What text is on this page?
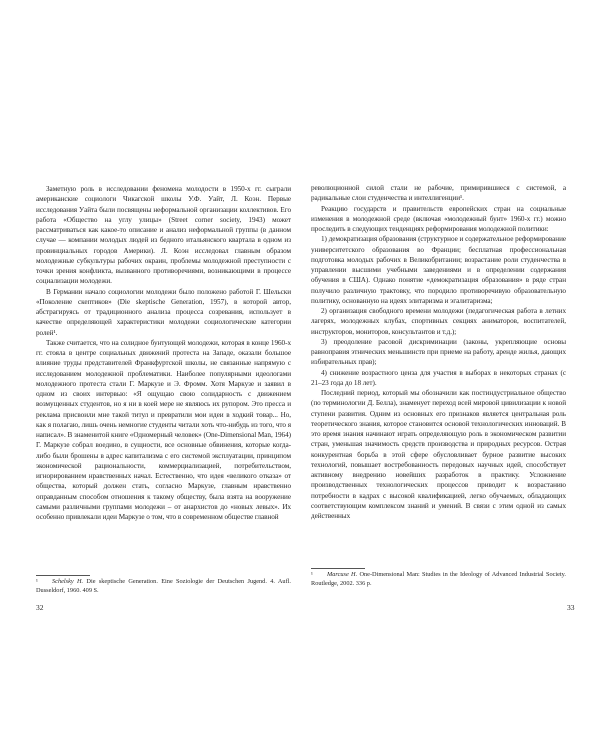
Заметную роль в исследовании феномена молодости в 1950-х гг. сыграли американские социологи Чикагской школы У.Ф. Уайт, Л. Коэн. Первые исследования Уайта были посвящены неформальной организации коллективов. Его работа «Общество на углу улицы» (Street corner society, 1943) может рассматриваться как какое-то описание и анализ неформальной группы (в данном случае — компании молодых людей из бедного итальянского квартала в одном из провинциальных городов Америки). Л. Коэн исследовал главным образом молодежные субкультуры рабочих окраин, проблемы молодежной преступности с точки зрения конфликта, вызванного противоречиями, возникающими в процессе социализации молодежи.

В Германии начало социологии молодежи было положено работой Г. Шельски «Поколение скептиков» (Die skeptische Generation, 1957), в которой автор, абстрагируясь от традиционного анализа процесса созревания, использует в качестве определяющей характеристики молодежи социологические категории ролей¹.

Также считается, что на солидное бунтующей молодежи, которая в конце 1960-х гг. стояла в центре социальных движений протеста на Западе, оказали большое влияние труды представителей Франкфуртской школы, не связанные напрямую с исследованием молодежной проблематики. Наиболее популярными идеологами молодежного протеста стали Г. Маркузе и Э. Фромм. Хотя Маркузе и заявил в одном из своих интервью: «Я ощущаю свою солидарность с движением возмущенных студентов, но я ни в коей мере не являюсь их рупором. Это пресса и реклама присвоили мне такой титул и превратили мои идеи в ходкий товар... Но, как я полагаю, лишь очень немногие студенты читали хоть что-нибудь из того, что я написал». В знаменитой книге «Одномерный человек» (One-Dimensional Man, 1964) Г. Маркузе собрал воедино, в сущности, все основные обвинения, которые когда-либо были брошены в адрес капитализма с его системой эксплуатации, принципом экономической рациональности, коммерциализацией, потребительством, игнорированием нравственных начал. Естественно, что идея «великого отказа» от общества, который должен стать, согласно Маркузе, главным нравственно оправданным способом отношения к такому обществу, была взята на вооружение самыми различными группами молодежи – от анархистов до «новых левых». Их особенно привлекали идеи Маркузе о том, что в современном обществе главной

¹ Schelsky H. Die skeptische Generation. Eine Soziologie der Deutschen Jugend. 4. Aufl. Dusseldorf, 1960. 409 S.
32

революционной силой стали не рабочие, примирившиеся с системой, а радикальные слои студенчества и интеллигенции¹.

Реакцию государств и правительств европейских стран на социальные изменения в молодежной среде (включая «молодежный бунт» 1960-х гг.) можно проследить в следующих тенденциях реформирования молодежной политики:

1) демократизация образования (структурное и содержательное реформирование университетского образования во Франции; бесплатная профессиональная подготовка молодых рабочих в Великобритании; возрастание роли студенчества в управлении высшими учебными заведениями и в определении содержания обучения в США). Однако понятие «демократизация образования» в ряде стран получило различную трактовку, что породило противоречивую образовательную политику, основанную на идеях элитаризма и эгалитаризма;

2) организация свободного времени молодежи (педагогическая работа в летних лагерях, молодежных клубах, спортивных секциях аниматоров, воспитателей, инструкторов, мониторов, консультантов и т.д.);

3) преодоление расовой дискриминации (законы, укрепляющие основы равноправия этнических меньшинств при приеме на работу, аренде жилья, дающих избирательных прав);

4) снижение возрастного ценза для участия в выборах в некоторых странах (с 21–23 года до 18 лет).

Последний период, который мы обозначили как постиндустриальное общество (по терминологии Д. Белла), знаменует переход всей мировой цивилизации к новой ступени развития. Одним из основных его признаков является центральная роль теоретического знания, которое становится основой технологических инноваций. В это время знания начинают играть определяющую роль в экономическом развитии стран, уменьшая значимость средств производства и природных ресурсов. Острая конкурентная борьба в этой сфере обусловливает бурное развитие высоких технологий, повышает востребованность передовых научных идей, способствует активному внедрению новейших разработок в практику. Усложнение производственных технологических процессов приводит к возрастанию потребности в кадрах с высокой квалификацией, легко обучаемых, обладающих соответствующим комплексом знаний и умений. В связи с этим одной из самых действенных

¹ Marcuse H. One-Dimensional Man: Studies in the Ideology of Advanced Industrial Society. Routledge, 2002. 336 p.
33
